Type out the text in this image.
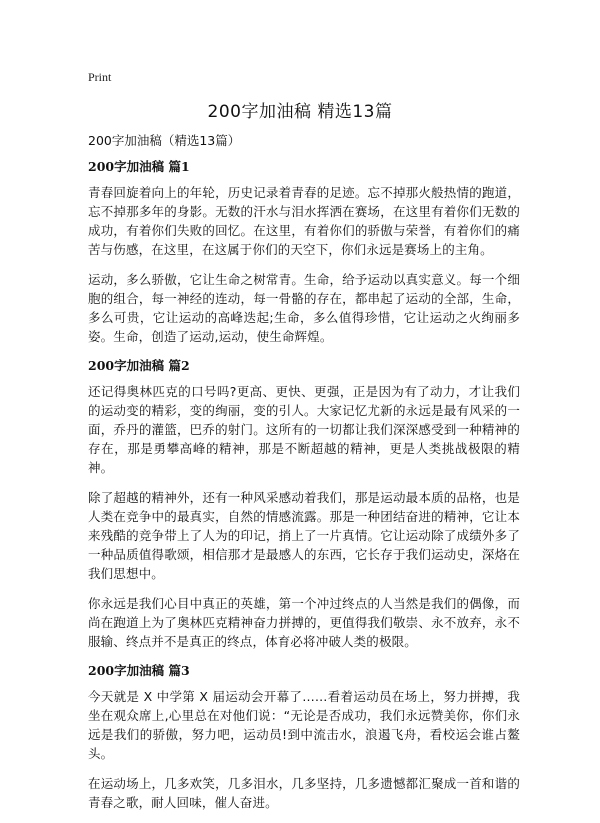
Print
200字加油稿 精选13篇
200字加油稿（精选13篇）
200字加油稿 篇1

青春回旋着向上的年轮，历史记录着青春的足迹。忘不掉那火般热情的跑道，忘不掉那多年的身影。无数的汗水与泪水挥洒在赛场，在这里有着你们无数的成功，有着你们失败的回忆。在这里，有着你们的骄傲与荣誉，有着你们的痛苦与伤感，在这里，在这属于你们的天空下，你们永远是赛场上的主角。

运动，多么骄傲，它让生命之树常青。生命，给予运动以真实意义。每一个细胞的组合，每一神经的连动，每一骨骼的存在，都串起了运动的全部，生命，多么可贵，它让运动的高峰迭起;生命，多么值得珍惜，它让运动之火绚丽多姿。生命，创造了运动,运动，使生命辉煌。

200字加油稿 篇2

还记得奥林匹克的口号吗?更高、更快、更强，正是因为有了动力，才让我们的运动变的精彩，变的绚丽，变的引人。大家记忆尤新的永远是最有风采的一面，乔丹的灌篮，巴乔的射门。这所有的一切都让我们深深感受到一种精神的存在，那是勇攀高峰的精神，那是不断超越的精神，更是人类挑战极限的精神。

除了超越的精神外，还有一种风采感动着我们，那是运动最本质的品格，也是人类在竞争中的最真实，自然的情感流露。那是一种团结奋进的精神，它让本来残酷的竞争带上了人为的印记，捎上了一片真情。它让运动除了成绩外多了一种品质值得歌颂，相信那才是最感人的东西，它长存于我们运动史，深烙在我们思想中。

你永远是我们心目中真正的英雄，第一个冲过终点的人当然是我们的偶像，而尚在跑道上为了奥林匹克精神奋力拼搏的，更值得我们敬崇、永不放弃，永不服输、终点并不是真正的终点，体育必将冲破人类的极限。

200字加油稿 篇3

今天就是 X 中学第 X 届运动会开幕了……看着运动员在场上，努力拼搏，我坐在观众席上,心里总在对他们说：“无论是否成功，我们永远赞美你，你们永远是我们的骄傲，努力吧，运动员!到中流击水，浪遏飞舟，看校运会谁占鳌头。

在运动场上，几多欢笑，几多泪水，几多坚持，几多遗憾都汇聚成一首和谐的青春之歌，耐人回味，催人奋进。
